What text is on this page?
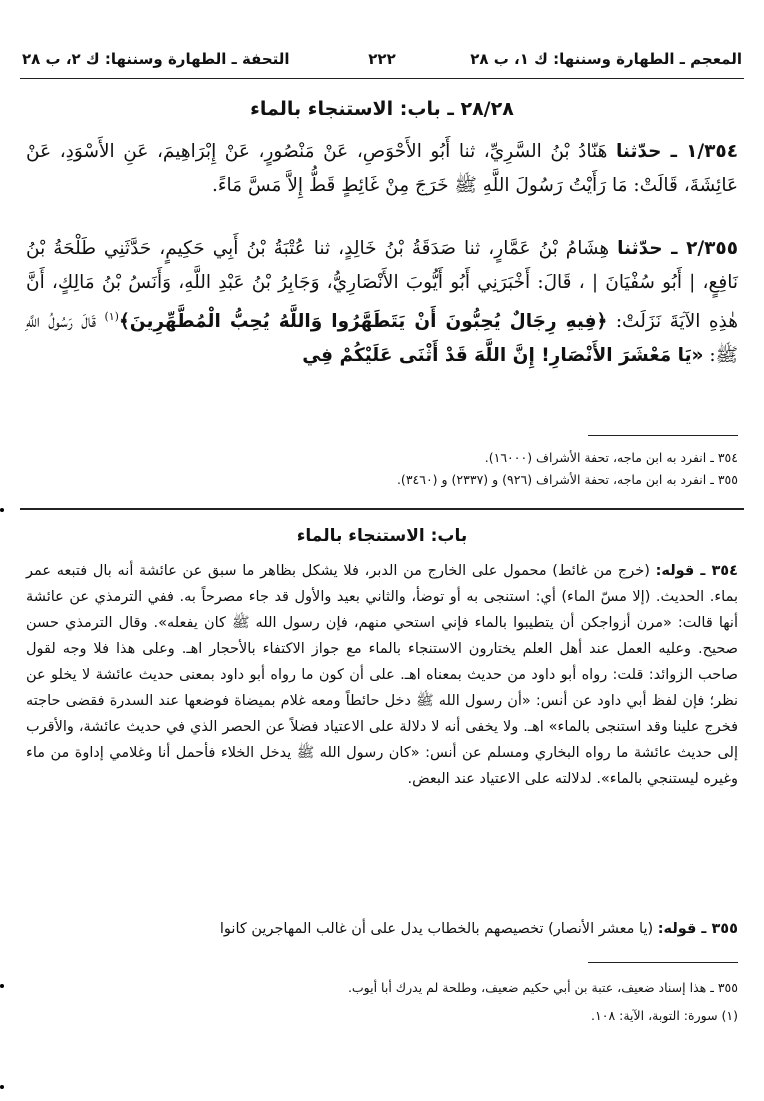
المعجم ـ الطهارة وسننها: ك ١، ب ٢٨
٢٢٢
التحفة ـ الطهارة وسننها: ك ٢، ب ٢٨
٢٨/٢٨ ـ باب: الاستنجاء بالماء
١/٣٥٤ ـ حدّثنا هَنّادُ بْنُ السَّرِيِّ، ثنا أَبُو الأَحْوَصِ، عَنْ مَنْصُورٍ، عَنْ إِبْرَاهِيمَ، عَنِ الأَسْوَدِ، عَنْ عَائِشَةَ، قَالَتْ: مَا رَأَيْتُ رَسُولَ اللَّهِ ﷺ خَرَجَ مِنْ غَائِطٍ قَطُّ إِلاَّ مَسَّ مَاءً.
٢/٣٥٥ ـ حدّثنا هِشَامُ بْنُ عَمَّارٍ، ثنا صَدَقَةُ بْنُ خَالِدٍ، ثنا عُتْبَةُ بْنُ أَبِي حَكِيمٍ، حَدَّثَنِي طَلْحَةُ بْنُ نَافِعٍ، | أَبُو سُفْيَانَ | ، قَالَ: أَخْبَرَنِي أَبُو أَيُّوبَ الأَنْصَارِيُّ، وَجَابِرُ بْنُ عَبْدِ اللَّهِ، وَأَنَسُ بْنُ مَالِكٍ، أَنَّ هٰذِهِ الآيَةَ نَزَلَتْ: ﴿فِيهِ رِجَالٌ يُحِبُّونَ أَنْ يَتَطَهَّرُوا وَاللَّهُ يُحِبُّ الْمُطَّهِّرِينَ﴾$^{(١)}$ قَالَ رَسُولُ اللَّهِ ﷺ: «يَا مَعْشَرَ الأَنْصَارِ! إِنَّ اللَّهَ قَدْ أَثْنَى عَلَيْكُمْ فِي
٣٥٤ ـ انفرد به ابن ماجه، تحفة الأشراف (١٦٠٠٠).
٣٥٥ ـ انفرد به ابن ماجه، تحفة الأشراف (٩٢٦) و (٢٣٣٧) و (٣٤٦٠).
باب: الاستنجاء بالماء
٣٥٤ ـ قوله: (خرج من غائط) محمول على الخارج من الدبر، فلا يشكل بظاهر ما سبق عن عائشة أنه بال فتبعه عمر بماء. الحديث. (إلا مسّ الماء) أي: استنجى به أو توضأ، والثاني بعيد والأول قد جاء مصرحاً به. ففي الترمذي عن عائشة أنها قالت: «مرن أزواجكن أن يتطيبوا بالماء فإني استحي منهم، فإن رسول الله ﷺ كان يفعله». وقال الترمذي حسن صحيح. وعليه العمل عند أهل العلم يختارون الاستنجاء بالماء مع جواز الاكتفاء بالأحجار اهـ. وعلى هذا فلا وجه لقول صاحب الزوائد: قلت: رواه أبو داود من حديث بمعناه اهـ. على أن كون ما رواه أبو داود بمعنى حديث عائشة لا يخلو عن نظر؛ فإن لفظ أبي داود عن أنس: «أن رسول الله ﷺ دخل حائطاً ومعه غلام بميضاة فوضعها عند السدرة فقضى حاجته فخرج علينا وقد استنجى بالماء» اهـ. ولا يخفى أنه لا دلالة على الاعتياد فضلاً عن الحصر الذي في حديث عائشة، والأقرب إلى حديث عائشة ما رواه البخاري ومسلم عن أنس: «كان رسول الله ﷺ يدخل الخلاء فأحمل أنا وغلامي إداوة من ماء وغيره ليستنجي بالماء». لدلالته على الاعتياد عند البعض.
٣٥٥ ـ قوله: (يا معشر الأنصار) تخصيصهم بالخطاب يدل على أن غالب المهاجرين كانوا
٣٥٥ ـ هذا إسناد ضعيف، عتبة بن أبي حكيم ضعيف، وطلحة لم يدرك أبا أيوب.
(١) سورة: التوبة، الآية: ١٠٨.
